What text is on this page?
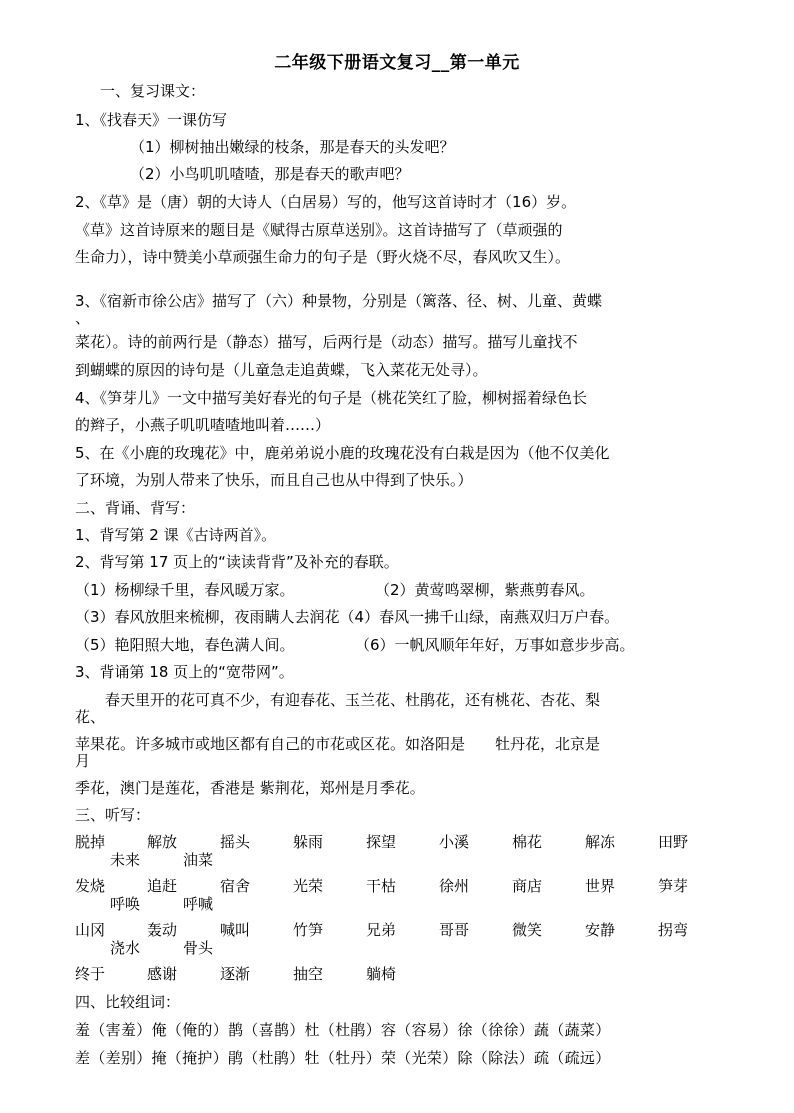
二年级下册语文复习__第一单元
一、复习课文：
1、《找春天》一课仿写
（1）柳树抽出嫩绿的枝条，那是春天的头发吧？
（2）小鸟叽叽喳喳，那是春天的歌声吧？
2、《草》是（唐）朝的大诗人（白居易）写的，他写这首诗时才（16）岁。
《草》这首诗原来的题目是《赋得古原草送别》。这首诗描写了（草顽强的
生命力），诗中赞美小草顽强生命力的句子是（野火烧不尽，春风吹又生）。
3、《宿新市徐公店》描写了（六）种景物，分别是（篱落、径、树、儿童、黄蝶
、
菜花）。诗的前两行是（静态）描写，后两行是（动态）描写。描写儿童找不
到蝴蝶的原因的诗句是（儿童急走追黄蝶，飞入菜花无处寻）。
4、《笋芽儿》一文中描写美好春光的句子是（桃花笑红了脸，柳树摇着绿色长
的辫子，小燕子叽叽喳喳地叫着……）
5、在《小鹿的玫瑰花》中，鹿弟弟说小鹿的玫瑰花没有白栽是因为（他不仅美化
了环境，为别人带来了快乐，而且自己也从中得到了快乐。）
二、背诵、背写：
1、背写第 2 课《古诗两首》。
2、背写第 17 页上的“读读背背”及补充的春联。
（1）杨柳绿千里，春风暖万家。	（2）黄莺鸣翠柳，紫燕剪春风。
（3）春风放胆来梳柳，夜雨瞒人去润花（4）春风一拂千山绿，南燕双归万户春。
（5）艳阳照大地，春色满人间。	（6）一帆风顺年年好，万事如意步步高。
3、背诵第 18 页上的“宽带网”。
春天里开的花可真不少，有迎春花、玉兰花、杜鹃花，还有桃花、杏花、梨
花、
苹果花。许多城市或地区都有自己的市花或区花。如洛阳是　　牡丹花，北京是
月
季花，澳门是莲花，香港是 紫荆花，郑州是月季花。
三、听写：
脱掉	解放	摇头	躲雨	探望	小溪	棉花	解冻	田野
未来	油菜
发烧	追赶	宿舍	光荣	干枯	徐州	商店	世界	笋芽
呼唤	呼喊
山冈	轰动	喊叫	竹笋	兄弟	哥哥	微笑	安静	拐弯
浇水	骨头
终于	感谢	逐渐	抽空	躺椅
四、比较组词：
羞（害羞）俺（俺的）鹊（喜鹊）杜（杜鹃）容（容易）徐（徐徐）蔬（蔬菜）
差（差别）掩（掩护）鹃（杜鹃）牡（牡丹）荣（光荣）除（除法）疏（疏远）
